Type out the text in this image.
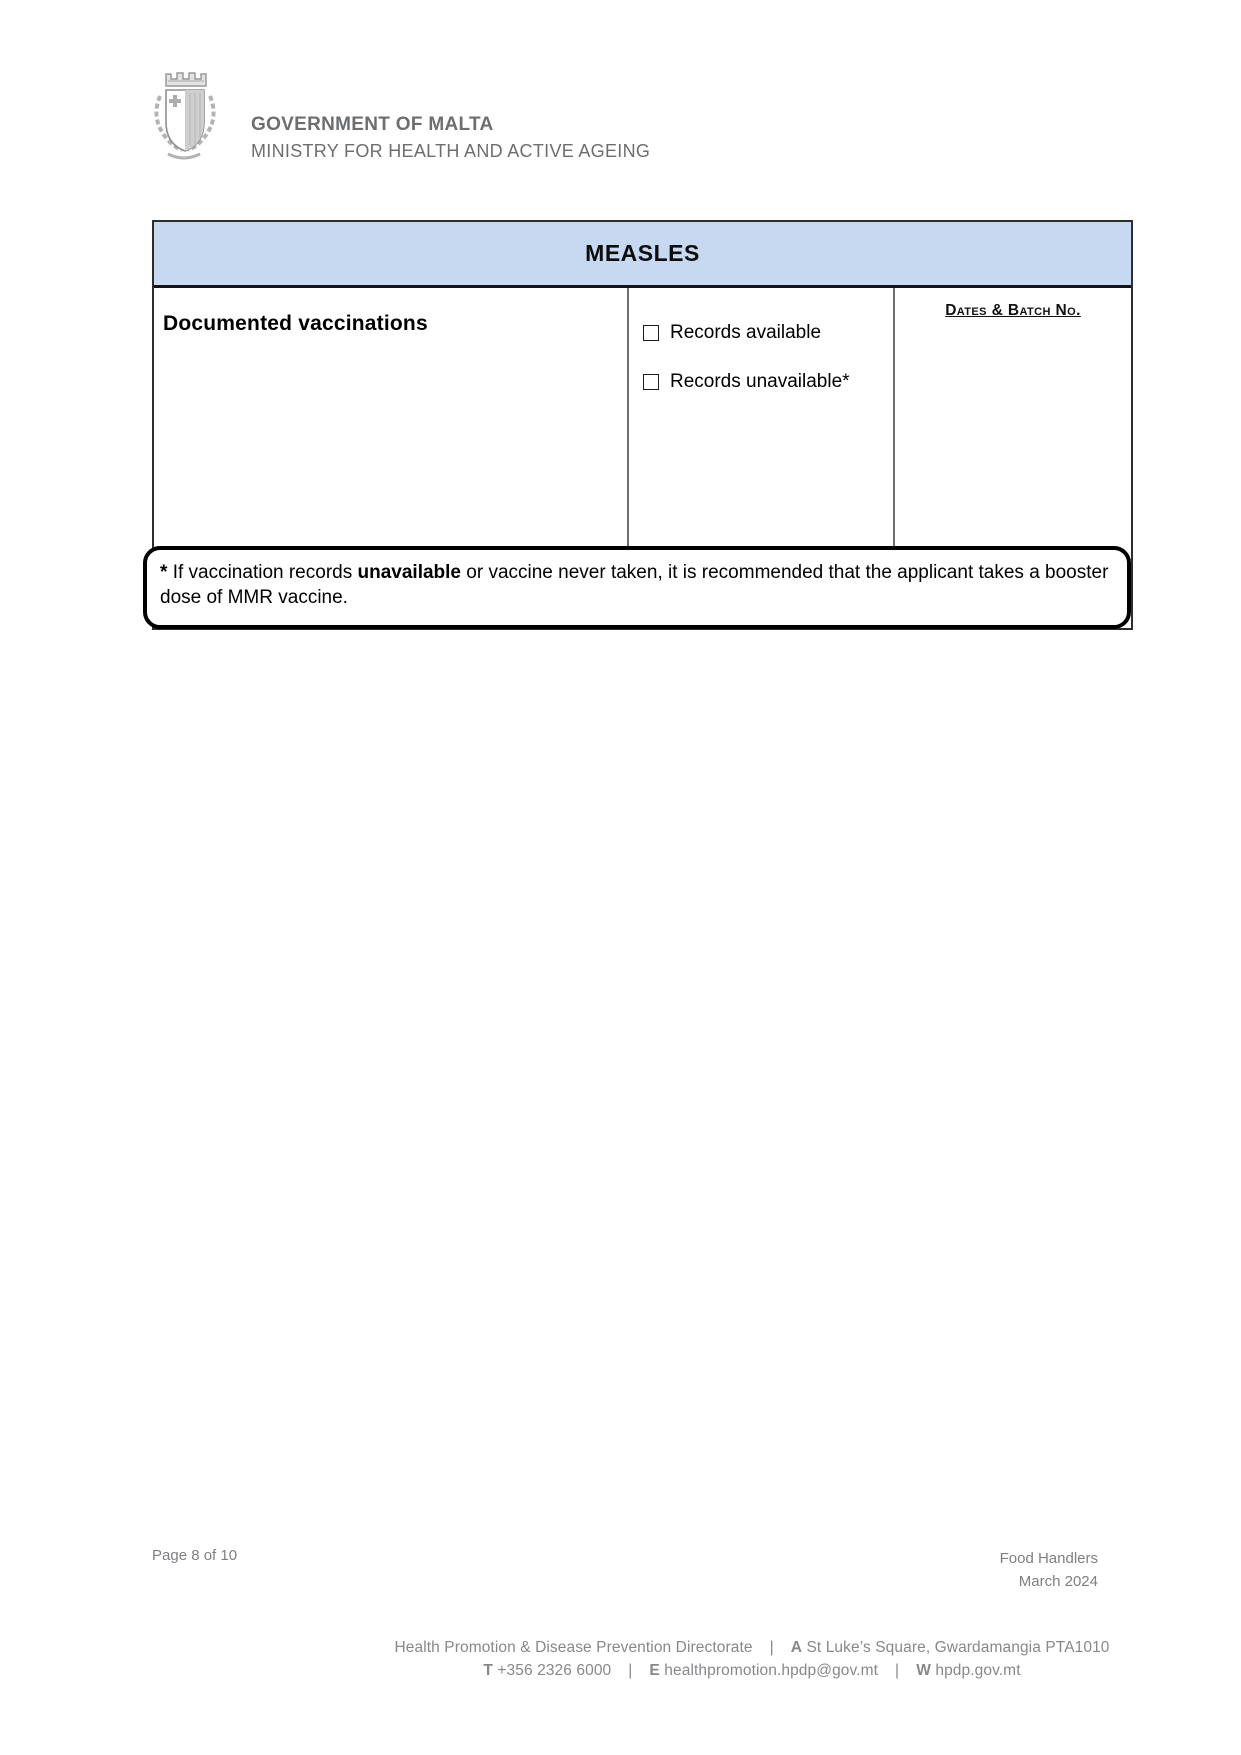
GOVERNMENT OF MALTA
MINISTRY FOR HEALTH AND ACTIVE AGEING
MEASLES
Documented vaccinations	Records available
Records unavailable*
Dates & Batch No.
* If vaccination records unavailable or vaccine never taken, it is recommended that the applicant takes a booster dose of MMR vaccine.
Page 8 of 10	Food Handlers
March 2024
Health Promotion & Disease Prevention Directorate | A St Luke’s Square, Gwardamangia PTA1010
T +356 2326 6000 | E healthpromotion.hpdp@gov.mt | W hpdp.gov.mt
